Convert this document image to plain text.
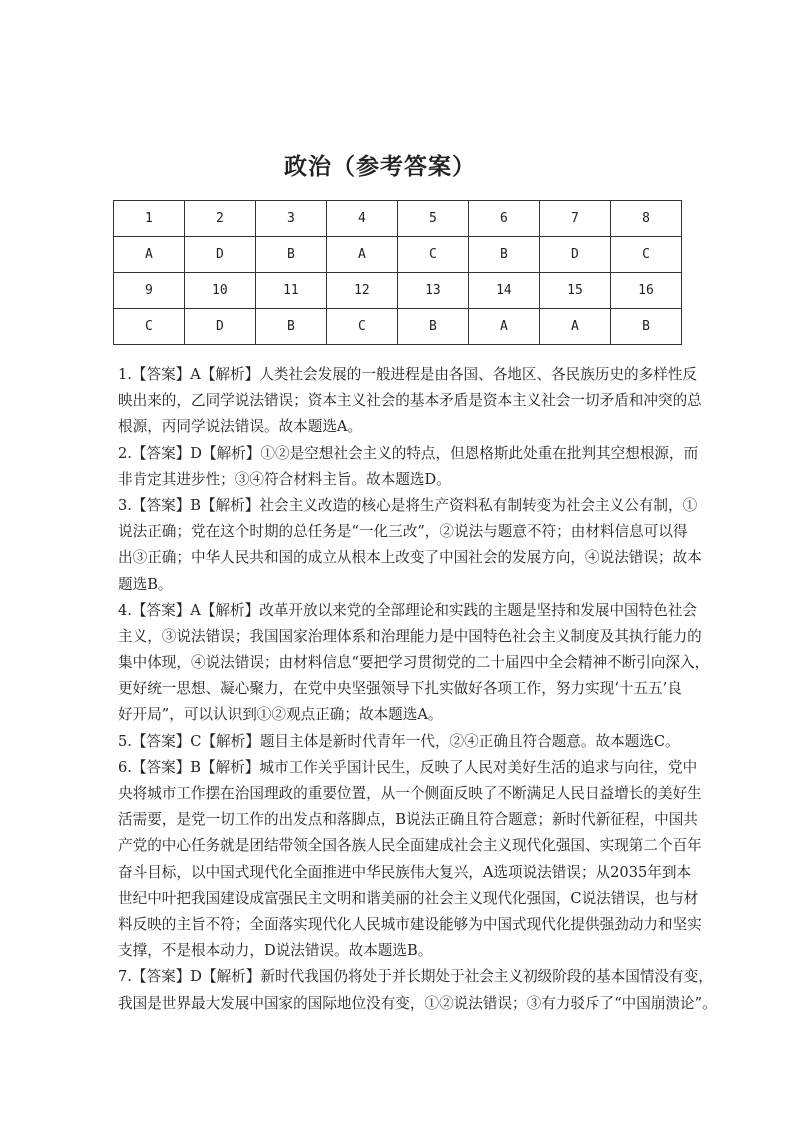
政治（参考答案）
1	2	3	4	5	6	7	8
A	D	B	A	C	B	D	C
9	10	11	12	13	14	15	16
C	D	B	C	B	A	A	B
1.【答案】A【解析】人类社会发展的一般进程是由各国、各地区、各民族历史的多样性反
映出来的，乙同学说法错误；资本主义社会的基本矛盾是资本主义社会一切矛盾和冲突的总
根源，丙同学说法错误。故本题选A。
2.【答案】D【解析】①②是空想社会主义的特点，但恩格斯此处重在批判其空想根源，而
非肯定其进步性；③④符合材料主旨。故本题选D。
3.【答案】B【解析】社会主义改造的核心是将生产资料私有制转变为社会主义公有制，①
说法正确；党在这个时期的总任务是“一化三改”，②说法与题意不符；由材料信息可以得
出③正确；中华人民共和国的成立从根本上改变了中国社会的发展方向，④说法错误；故本
题选B。
4.【答案】A【解析】改革开放以来党的全部理论和实践的主题是坚持和发展中国特色社会
主义，③说法错误；我国国家治理体系和治理能力是中国特色社会主义制度及其执行能力的
集中体现，④说法错误；由材料信息“要把学习贯彻党的二十届四中全会精神不断引向深入，
更好统一思想、凝心聚力，在党中央坚强领导下扎实做好各项工作，努力实现‘十五五’良
好开局”，可以认识到①②观点正确；故本题选A。
5.【答案】C【解析】题目主体是新时代青年一代，②④正确且符合题意。故本题选C。
6.【答案】B【解析】城市工作关乎国计民生，反映了人民对美好生活的追求与向往，党中
央将城市工作摆在治国理政的重要位置，从一个侧面反映了不断满足人民日益增长的美好生
活需要，是党一切工作的出发点和落脚点，B说法正确且符合题意；新时代新征程，中国共
产党的中心任务就是团结带领全国各族人民全面建成社会主义现代化强国、实现第二个百年
奋斗目标，以中国式现代化全面推进中华民族伟大复兴，A选项说法错误；从2035年到本
世纪中叶把我国建设成富强民主文明和谐美丽的社会主义现代化强国，C说法错误，也与材
料反映的主旨不符；全面落实现代化人民城市建设能够为中国式现代化提供强劲动力和坚实
支撑，不是根本动力，D说法错误。故本题选B。
7.【答案】D【解析】新时代我国仍将处于并长期处于社会主义初级阶段的基本国情没有变，
我国是世界最大发展中国家的国际地位没有变，①②说法错误；③有力驳斥了“中国崩溃论”。
